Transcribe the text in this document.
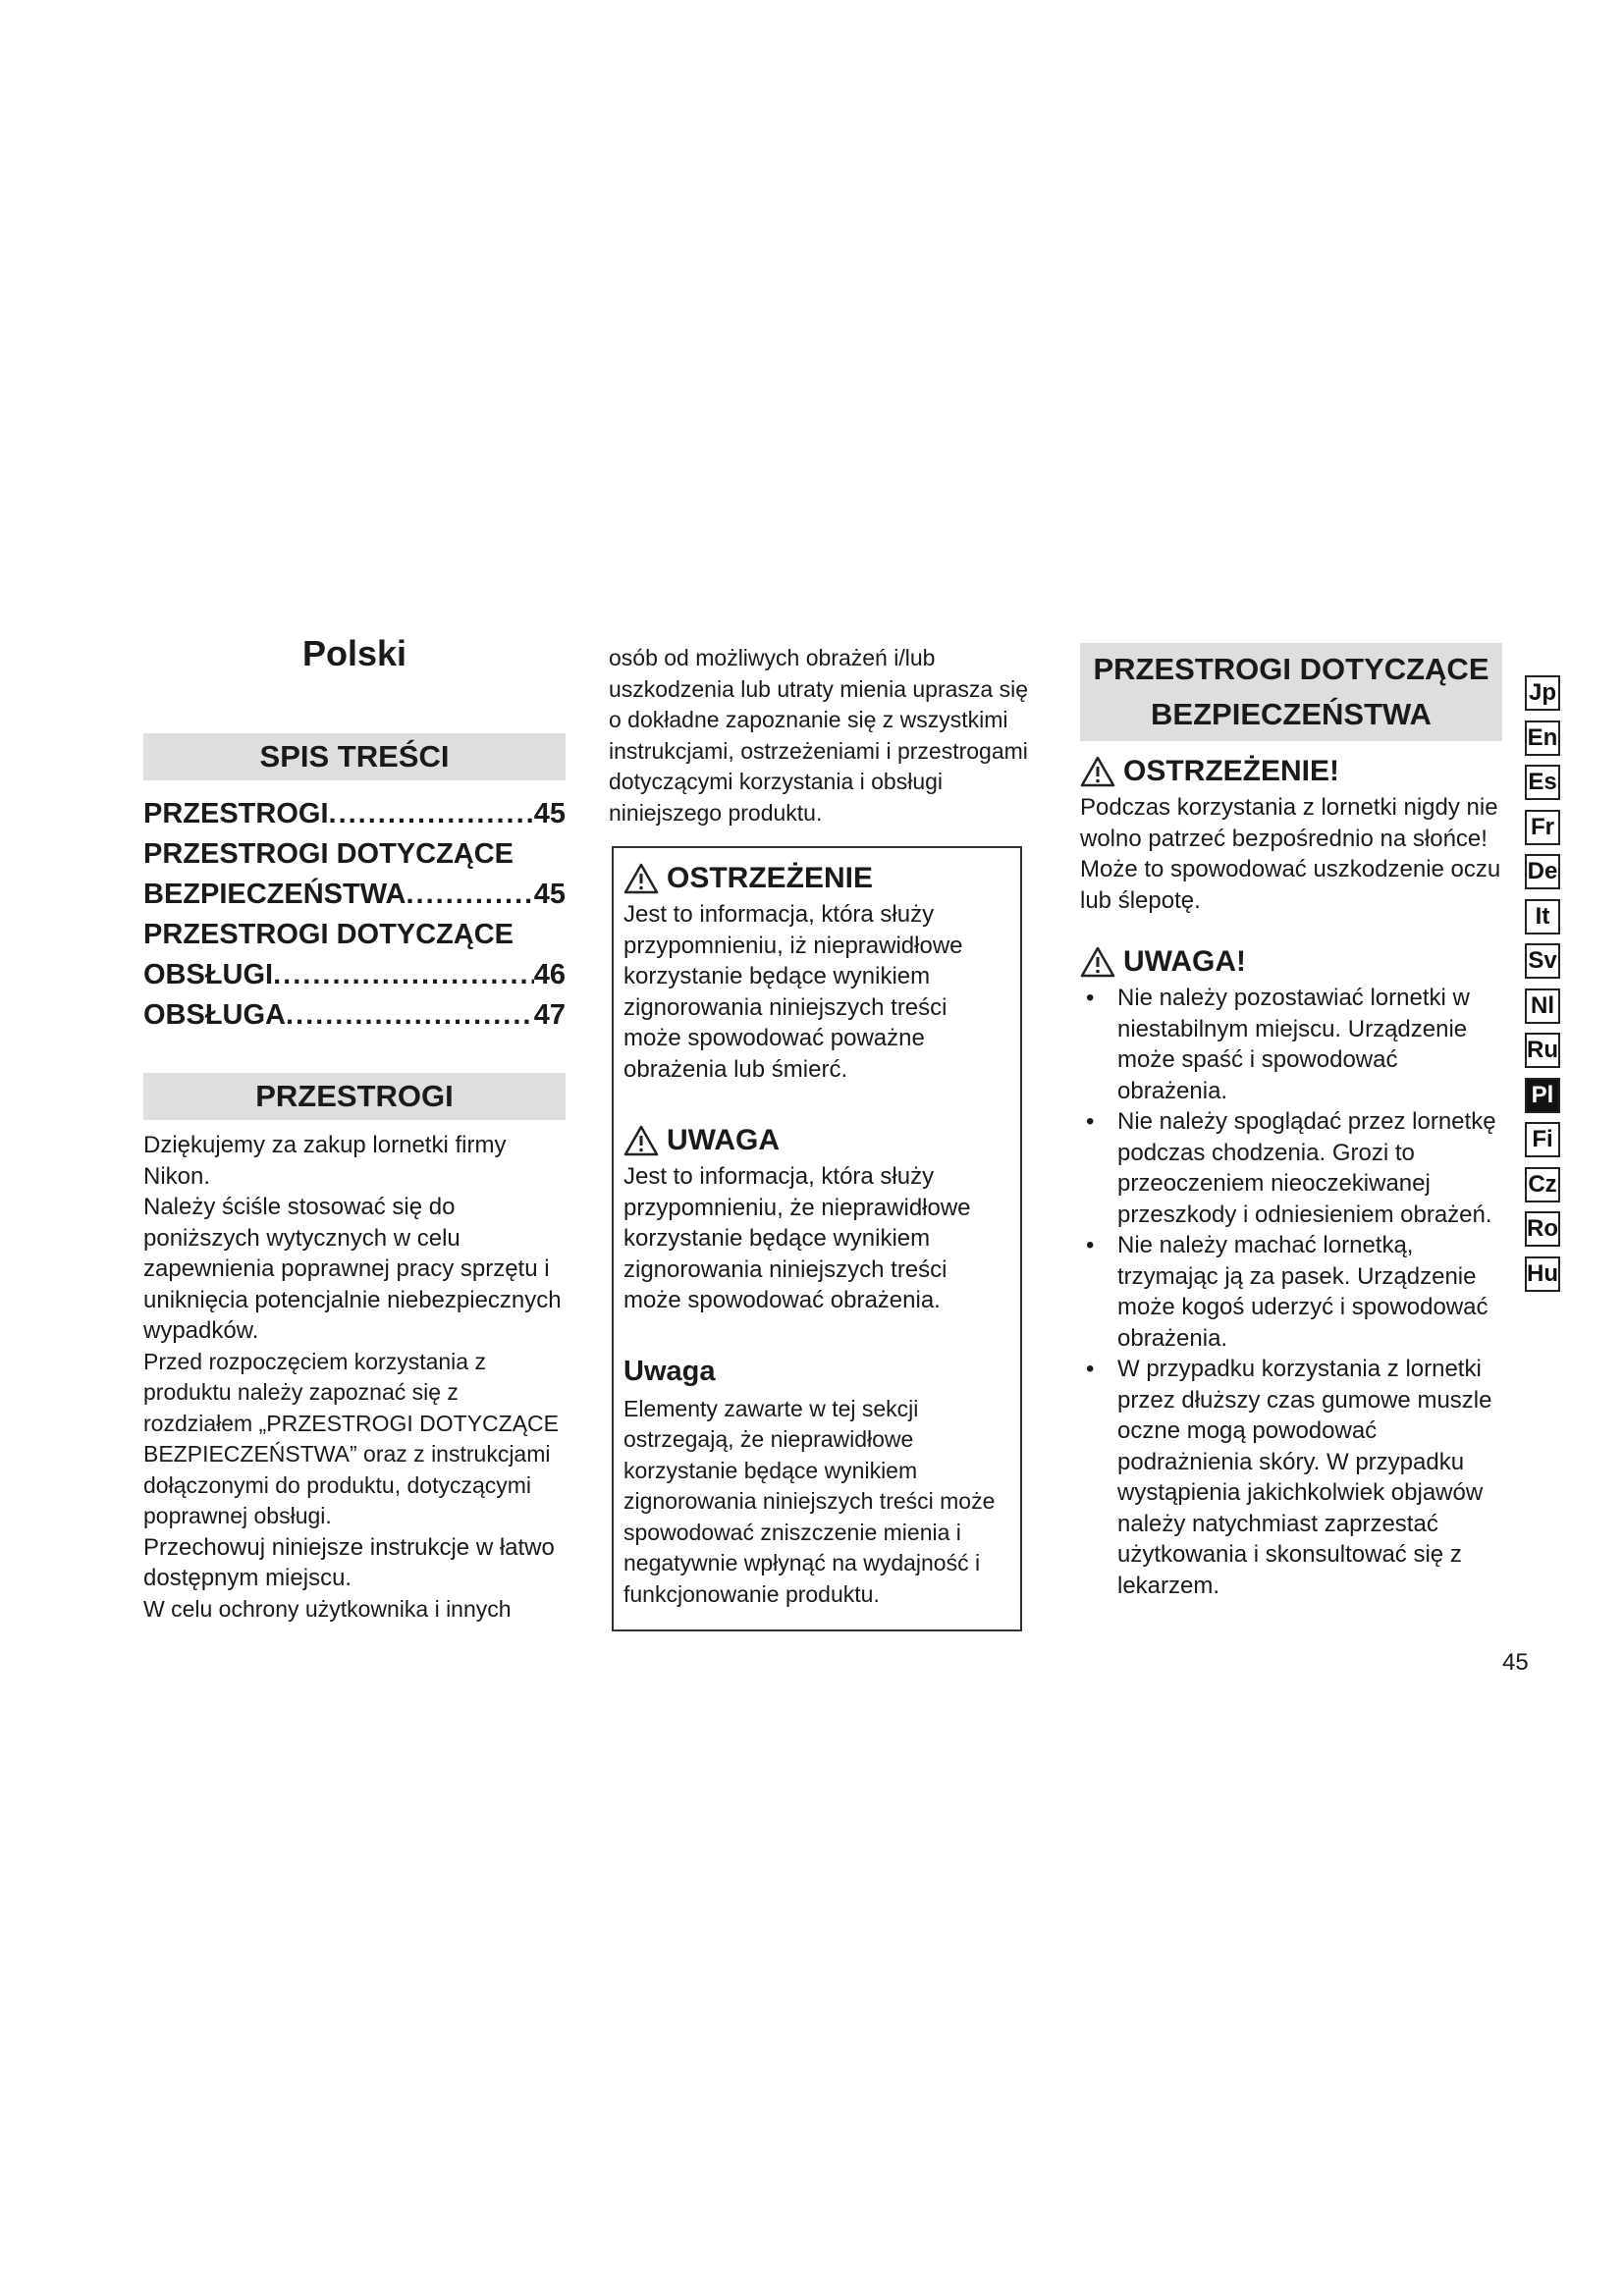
Polski
SPIS TREŚCI
PRZESTROGI .....	45
PRZESTROGI DOTYCZĄCE
BEZPIECZEŃSTWA .....	45
PRZESTROGI DOTYCZĄCE
OBSŁUGI .....	46
OBSŁUGA .....	47
PRZESTROGI

Dziękujemy za zakup lornetki firmy Nikon.

Należy ściśle stosować się do poniższych wytycznych w celu zapewnienia poprawnej pracy sprzętu i uniknięcia potencjalnie niebezpiecznych wypadków.

Przed rozpoczęciem korzystania z produktu należy zapoznać się z rozdziałem „PRZESTROGI DOTYCZĄCE BEZPIECZEŃSTWA” oraz z instrukcjami dołączonymi do produktu, dotyczącymi poprawnej obsługi.

Przechowuj niniejsze instrukcje w łatwo dostępnym miejscu.

W celu ochrony użytkownika i innych

osób od możliwych obrażeń i/lub uszkodzenia lub utraty mienia uprasza się o dokładne zapoznanie się z wszystkimi instrukcjami, ostrzeżeniami i przestrogami dotyczącymi korzystania i obsługi niniejszego produktu.

OSTRZEŻENIE

Jest to informacja, która służy przypomnieniu, iż nieprawidłowe korzystanie będące wynikiem zignorowania niniejszych treści może spowodować poważne obrażenia lub śmierć.

UWAGA

Jest to informacja, która służy przypomnieniu, że nieprawidłowe korzystanie będące wynikiem zignorowania niniejszych treści może spowodować obrażenia.

Uwaga

Elementy zawarte w tej sekcji ostrzegają, że nieprawidłowe korzystanie będące wynikiem zignorowania niniejszych treści może spowodować zniszczenie mienia i negatywnie wpłynąć na wydajność i funkcjonowanie produktu.

PRZESTROGI DOTYCZĄCE
BEZPIECZEŃSTWA
OSTRZEŻENIE!

Podczas korzystania z lornetki nigdy nie wolno patrzeć bezpośrednio na słońce! Może to spowodować uszkodzenie oczu lub ślepotę.

UWAGA!
• Nie należy pozostawiać lornetki w niestabilnym miejscu. Urządzenie może spaść i spowodować obrażenia.
• Nie należy spoglądać przez lornetkę podczas chodzenia. Grozi to przeoczeniem nieoczekiwanej przeszkody i odniesieniem obrażeń.
• Nie należy machać lornetką, trzymając ją za pasek. Urządzenie może kogoś uderzyć i spowodować obrażenia.
• W przypadku korzystania z lornetki przez dłuższy czas gumowe muszle oczne mogą powodować podrażnienia skóry. W przypadku wystąpienia jakichkolwiek objawów należy natychmiast zaprzestać użytkowania i skonsultować się z lekarzem.
Jp
En
Es
Fr
De
It
Sv
Nl
Ru
Pl
Fi
Cz
Ro
Hu
45
